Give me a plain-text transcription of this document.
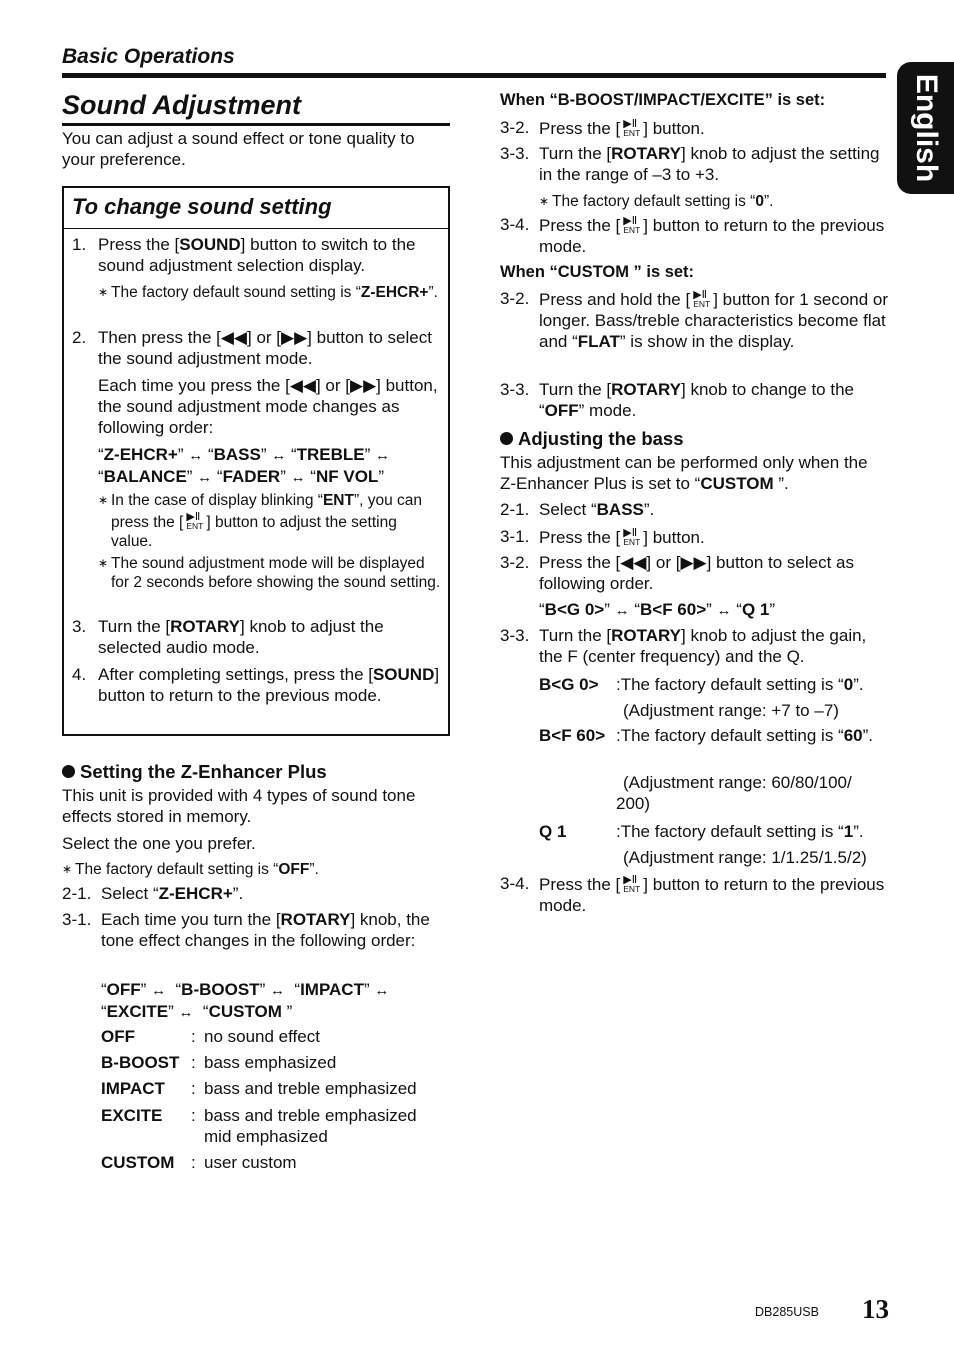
Basic Operations
English
Sound Adjustment
You can adjust a sound effect or tone quality to your preference.
To change sound setting
1. Press the [SOUND] button to switch to the sound adjustment selection display.
∗ The factory default sound setting is “Z-EHCR+”.
2. Then press the [◀◀] or [▶▶] button to select the sound adjustment mode.
Each time you press the [◀◀] or [▶▶] button, the sound adjustment mode changes as following order:
“Z-EHCR+” ↔ “BASS” ↔ “TREBLE” ↔
“BALANCE” ↔ “FADER” ↔ “NF VOL”
∗ In the case of display blinking “ENT”, you can press the [ ▶Ⅱ
ENT ] button to adjust the setting value.
∗ The sound adjustment mode will be displayed for 2 seconds before showing the sound setting.
3. Turn the [ROTARY] knob to adjust the selected audio mode.
4. After completing settings, press the [SOUND] button to return to the previous mode.
Setting the Z-Enhancer Plus
This unit is provided with 4 types of sound tone effects stored in memory.
Select the one you prefer.
∗ The factory default setting is “OFF”.
2-1. Select “Z-EHCR+”.
3-1. Each time you turn the [ROTARY] knob, the tone effect changes in the following order:
“OFF” ↔  “B-BOOST” ↔  “IMPACT” ↔
“EXCITE” ↔  “CUSTOM ”
OFF	: no sound effect
B-BOOST : bass emphasized
IMPACT : bass and treble emphasized
EXCITE : bass and treble emphasized mid emphasized
CUSTOM : user custom
When “B-BOOST/IMPACT/EXCITE” is set:
3-2. Press the [ ▶Ⅱ
ENT ] button.
3-3. Turn the [ROTARY] knob to adjust the setting in the range of –3 to +3.
∗ The factory default setting is “0”.
3-4. Press the [ ▶Ⅱ
ENT ] button to return to the previous mode.
When “CUSTOM ” is set:
3-2. Press and hold the [ ▶Ⅱ
ENT ] button for 1 second or longer. Bass/treble characteristics become flat and “FLAT” is show in the display.
3-3. Turn the [ROTARY] knob to change to the “OFF” mode.
Adjusting the bass
This adjustment can be performed only when the Z-Enhancer Plus is set to “CUSTOM ”.
2-1. Select “BASS”.
3-1. Press the [ ▶Ⅱ
ENT ] button.
3-2. Press the [◀◀] or [▶▶] button to select as following order.
“B<G 0>” ↔ “B<F 60>” ↔ “Q 1”
3-3. Turn the [ROTARY] knob to adjust the gain, the F (center frequency) and the Q.
B<G 0> :The factory default setting is “0”.
(Adjustment range: +7 to –7)
B<F 60> :The factory default setting is “60”.
(Adjustment range: 60/80/100/ 200)
Q 1	:The factory default setting is “1”.
(Adjustment range: 1/1.25/1.5/2)
3-4. Press the [ ▶Ⅱ
ENT ] button to return to the previous mode.
DB285USB 13
